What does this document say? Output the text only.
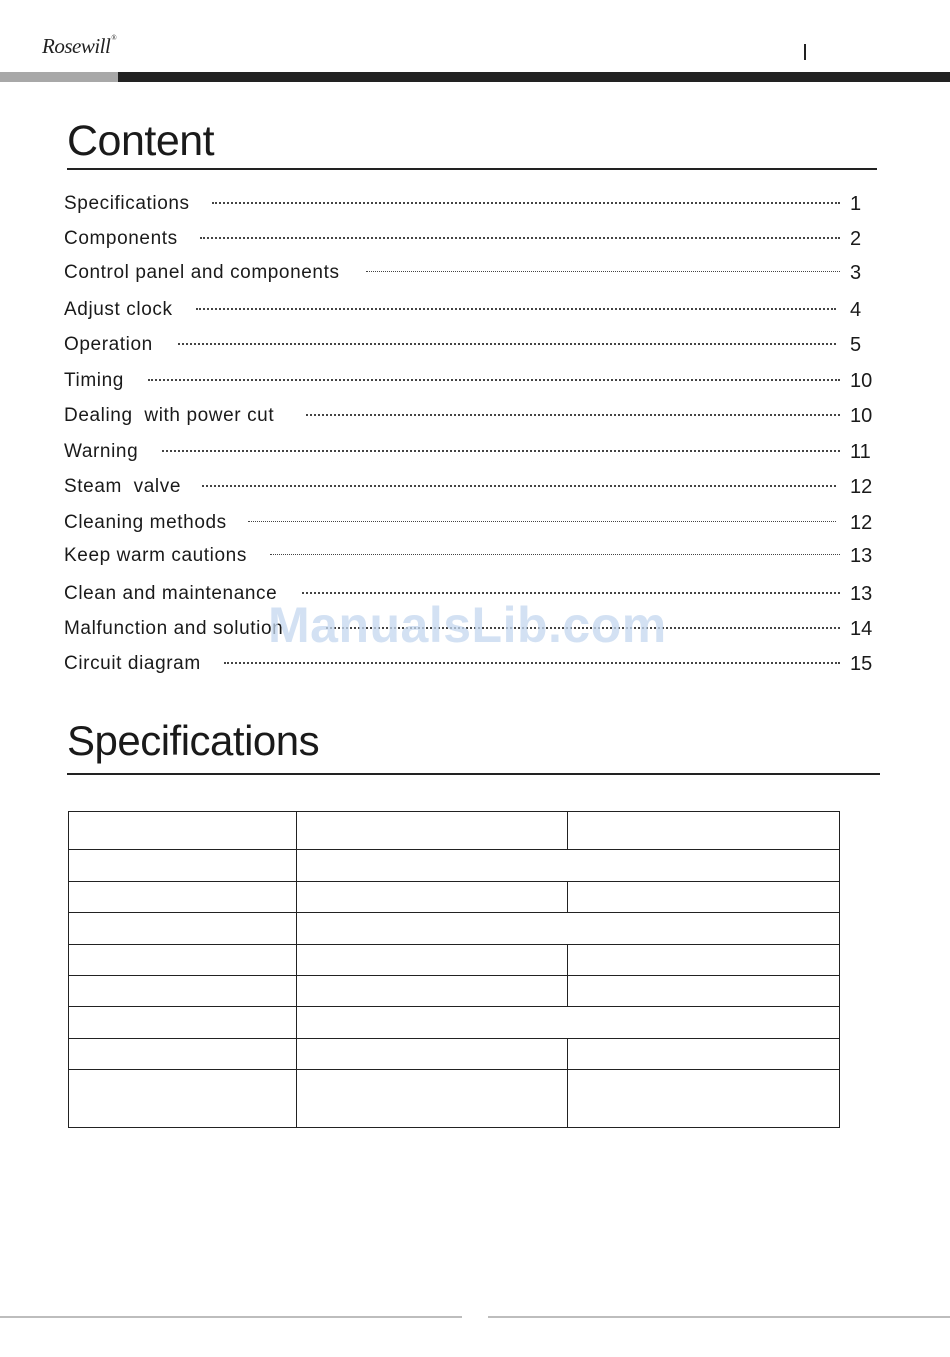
Rosewill®
Content
Specifications	1
Components	2
Control panel and components	3
Adjust clock	4
Operation	5
Timing	10
Dealing  with power cut	10
Warning	11
Steam  valve	12
Cleaning methods	12
Keep warm cautions	13
Clean and maintenance	13
Malfunction and solution	14
Circuit diagram	15
ManualsLib.com
Specifications
